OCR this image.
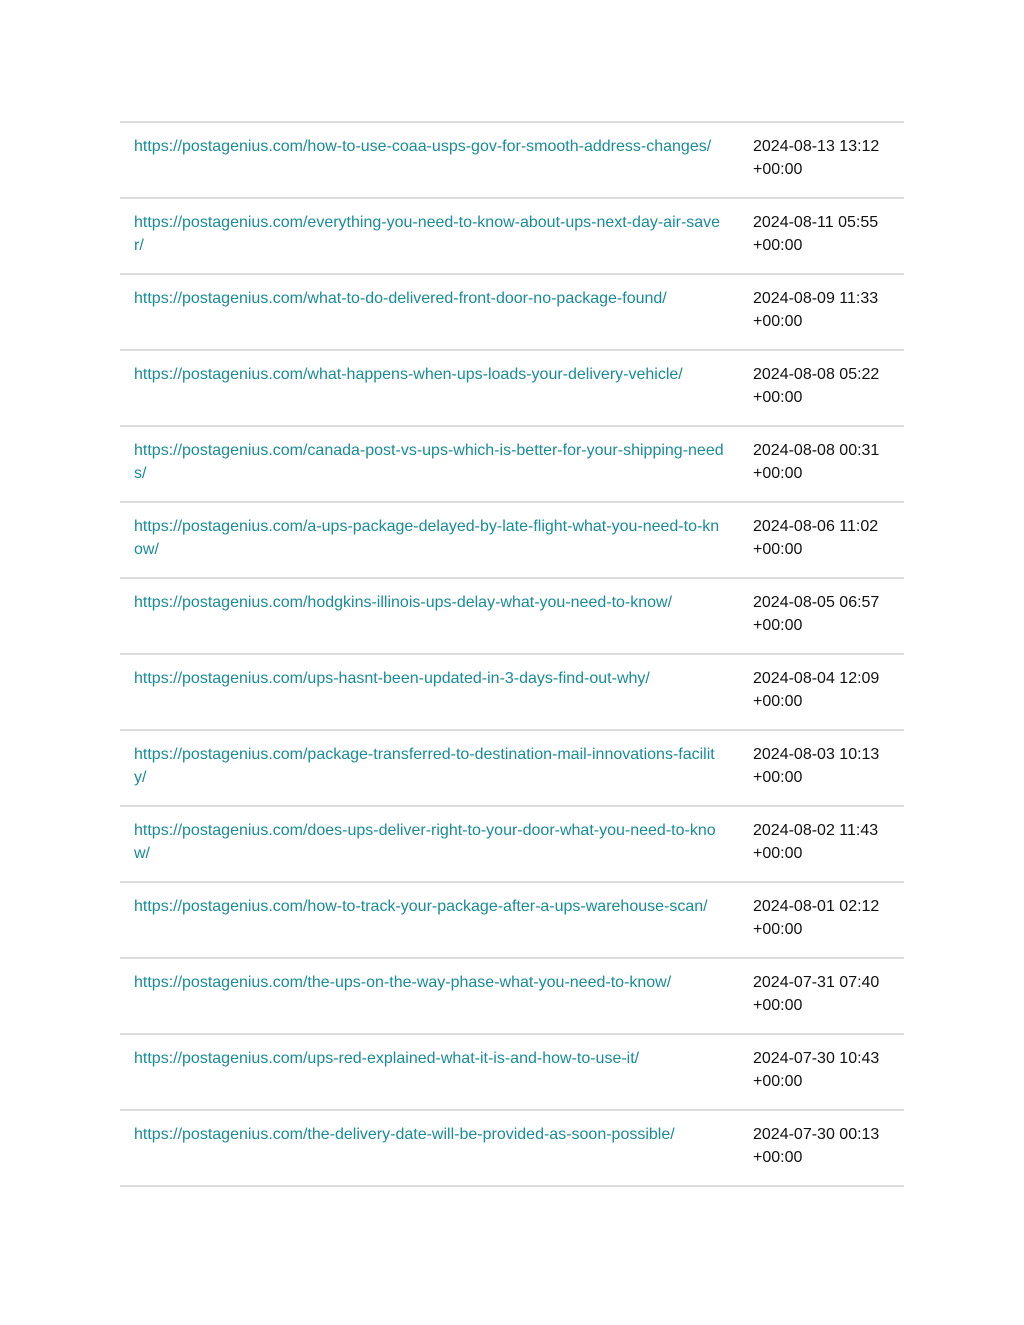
https://postagenius.com/how-to-use-coaa-usps-gov-for-smooth-address-changes/	2024-08-13 13:12
+00:00
https://postagenius.com/everything-you-need-to-know-about-ups-next-day-air-saver/
2024-08-11 05:55
+00:00
https://postagenius.com/what-to-do-delivered-front-door-no-package-found/	2024-08-09 11:33
+00:00
https://postagenius.com/what-happens-when-ups-loads-your-delivery-vehicle/	2024-08-08 05:22
+00:00
https://postagenius.com/canada-post-vs-ups-which-is-better-for-your-shipping-needs/
2024-08-08 00:31
+00:00
https://postagenius.com/a-ups-package-delayed-by-late-flight-what-you-need-to-know/
2024-08-06 11:02
+00:00
https://postagenius.com/hodgkins-illinois-ups-delay-what-you-need-to-know/	2024-08-05 06:57
+00:00
https://postagenius.com/ups-hasnt-been-updated-in-3-days-find-out-why/	2024-08-04 12:09
+00:00
https://postagenius.com/package-transferred-to-destination-mail-innovations-facility/
2024-08-03 10:13
+00:00
https://postagenius.com/does-ups-deliver-right-to-your-door-what-you-need-to-know/
2024-08-02 11:43
+00:00
https://postagenius.com/how-to-track-your-package-after-a-ups-warehouse-scan/	2024-08-01 02:12
+00:00
https://postagenius.com/the-ups-on-the-way-phase-what-you-need-to-know/	2024-07-31 07:40
+00:00
https://postagenius.com/ups-red-explained-what-it-is-and-how-to-use-it/	2024-07-30 10:43
+00:00
https://postagenius.com/the-delivery-date-will-be-provided-as-soon-possible/	2024-07-30 00:13
+00:00
